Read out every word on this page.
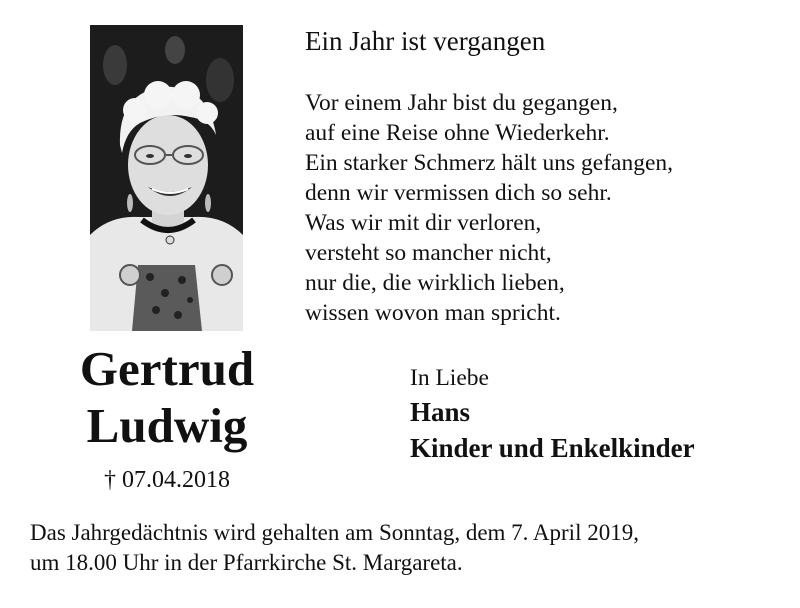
Gertrud
Ludwig
† 07.04.2018
Ein Jahr ist vergangen
Vor einem Jahr bist du gegangen,
auf eine Reise ohne Wiederkehr.
Ein starker Schmerz hält uns gefangen,
denn wir vermissen dich so sehr.
Was wir mit dir verloren,
versteht so mancher nicht,
nur die, die wirklich lieben,
wissen wovon man spricht.
In Liebe
Hans
Kinder und Enkelkinder
Das Jahrgedächtnis wird gehalten am Sonntag, dem 7. April 2019,
um 18.00 Uhr in der Pfarrkirche St. Margareta.
